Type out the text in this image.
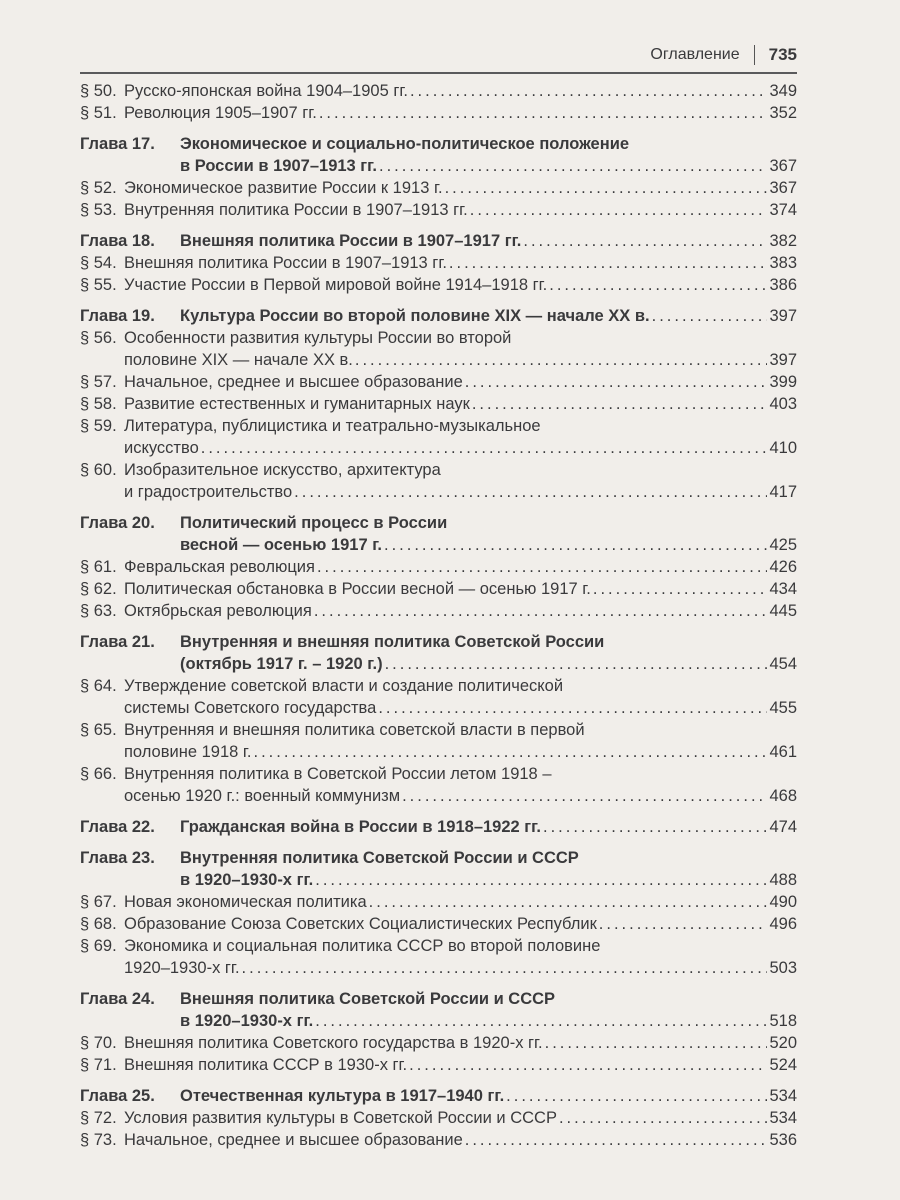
Оглавление 735
§ 50. Русско-японская война 1904–1905 гг. .....	349
§ 51. Революция 1905–1907 гг. .....	352
Глава 17.	Экономическое и социально-политическое положение
в России в 1907–1913 гг. .....	367
§ 52. Экономическое развитие России к 1913 г. .....	367
§ 53. Внутренняя политика России в 1907–1913 гг. .....	374
Глава 18.	Внешняя политика России в 1907–1917 гг. .....	382
§ 54. Внешняя политика России в 1907–1913 гг. .....	383
§ 55. Участие России в Первой мировой войне 1914–1918 гг. .....	386
Глава 19.	Культура России во второй половине XIX — начале XX в. .....	397
§ 56. Особенности развития культуры России во второй
половине XIX — начале XX в. .....	397
§ 57. Начальное, среднее и высшее образование .....	399
§ 58. Развитие естественных и гуманитарных наук .....	403
§ 59. Литература, публицистика и театрально-музыкальное
искусство .....	410
§ 60. Изобразительное искусство, архитектура
и градостроительство .....	417
Глава 20.	Политический процесс в России
весной — осенью 1917 г. .....	425
§ 61. Февральская революция .....	426
§ 62. Политическая обстановка в России весной — осенью 1917 г. .....	434
§ 63. Октябрьская революция .....	445
Глава 21.	Внутренняя и внешняя политика Советской России
(октябрь 1917 г. – 1920 г.) .....	454
§ 64. Утверждение советской власти и создание политической
системы Советского государства .....	455
§ 65. Внутренняя и внешняя политика советской власти в первой
половине 1918 г. .....	461
§ 66. Внутренняя политика в Советской России летом 1918 –
осенью 1920 г.: военный коммунизм .....	468
Глава 22.	Гражданская война в России в 1918–1922 гг. .....	474
Глава 23.	Внутренняя политика Советской России и СССР
в 1920–1930-х гг. .....	488
§ 67. Новая экономическая политика .....	490
§ 68. Образование Союза Советских Социалистических Республик .....	496
§ 69. Экономика и социальная политика СССР во второй половине
1920–1930-х гг. .....	503
Глава 24.	Внешняя политика Советской России и СССР
в 1920–1930-х гг. .....	518
§ 70. Внешняя политика Советского государства в 1920-х гг. .....	520
§ 71. Внешняя политика СССР в 1930-х гг. .....	524
Глава 25.	Отечественная культура в 1917–1940 гг. .....	534
§ 72. Условия развития культуры в Советской России и СССР .....	534
§ 73. Начальное, среднее и высшее образование .....	536
